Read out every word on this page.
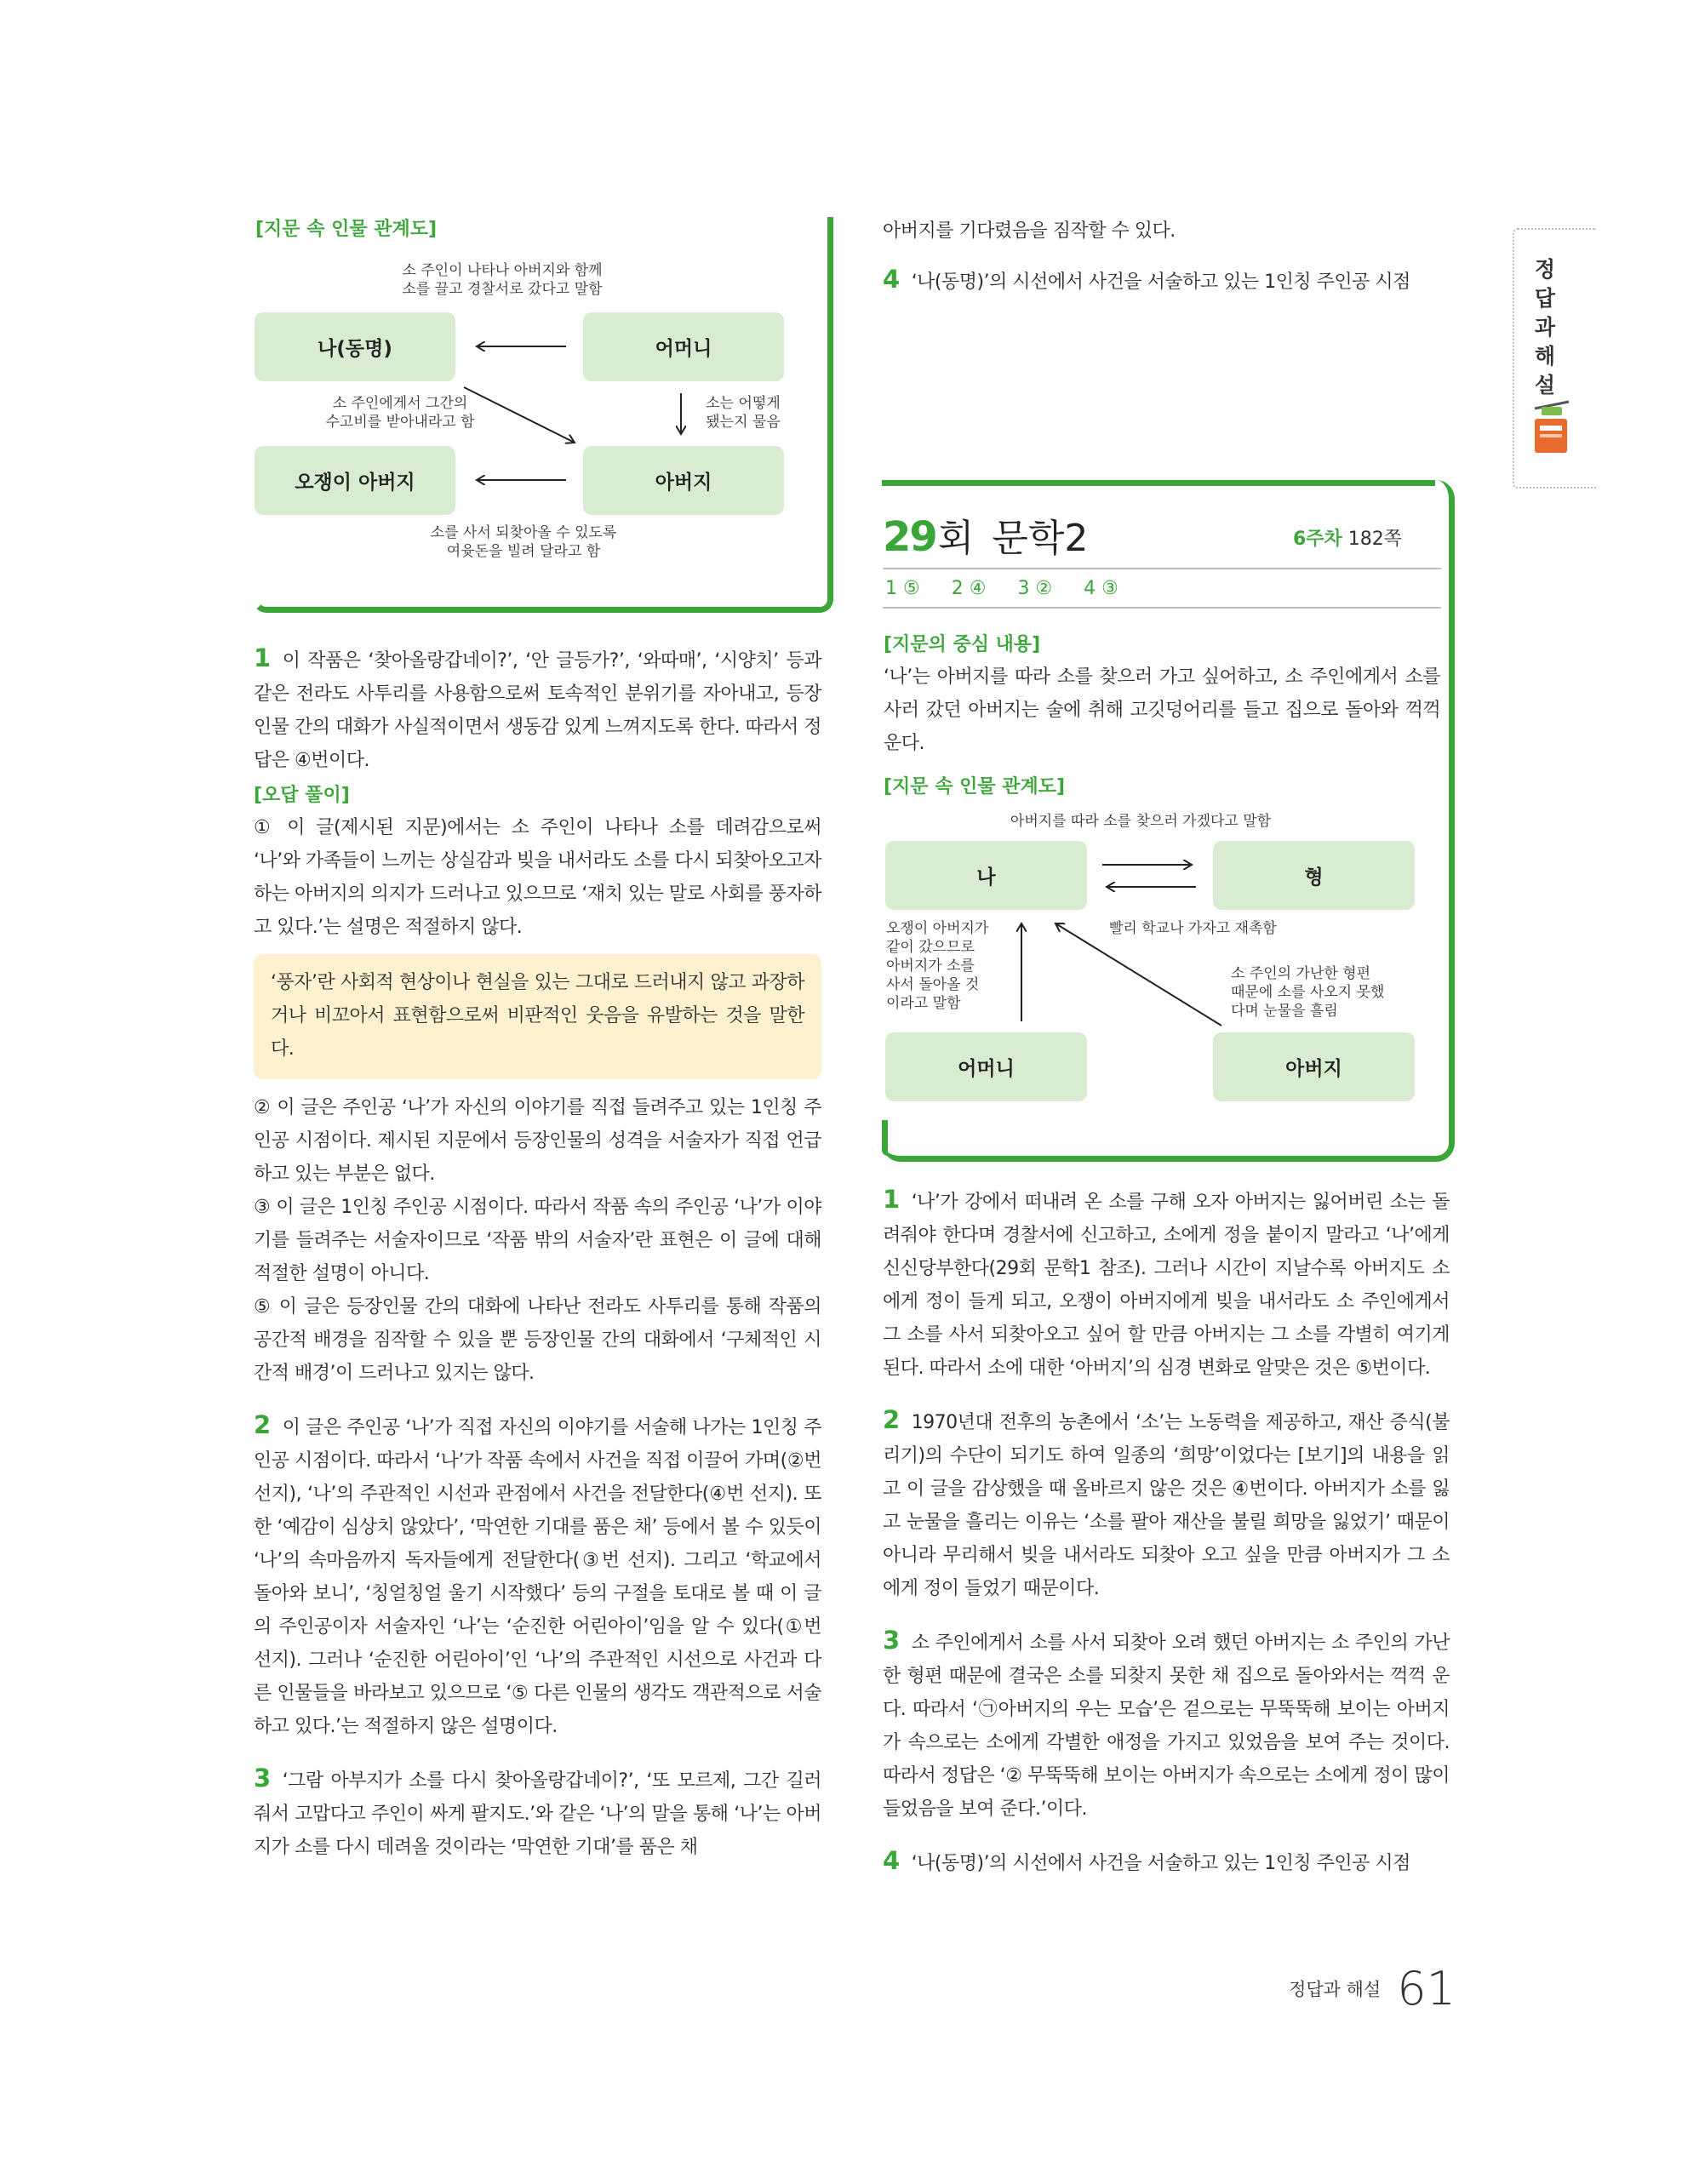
정답과해설

[지문 속 인물 관계도]

소 주인이 나타나 아버지와 함께
소를 끌고 경찰서로 갔다고 말함
나(동명)	어머니
소 주인에게서 그간의
수고비를 받아내라고 함
소는 어떻게
됐는지 물음
오쟁이 아버지	아버지
소를 사서 되찾아올 수 있도록
여윳돈을 빌려 달라고 함

1 이 작품은 ‘찾아올랑갑네이?’, ‘안 글등가?’, ‘와따매’, ‘시양치’ 등과 같은 전라도 사투리를 사용함으로써 토속적인 분위기를 자아내고, 등장인물 간의 대화가 사실적이면서 생동감 있게 느껴지도록 한다. 따라서 정답은 ④번이다.

[오답 풀이]

① 이 글(제시된 지문)에서는 소 주인이 나타나 소를 데려감으로써 ‘나’와 가족들이 느끼는 상실감과 빚을 내서라도 소를 다시 되찾아오고자 하는 아버지의 의지가 드러나고 있으므로 ‘재치 있는 말로 사회를 풍자하고 있다.’는 설명은 적절하지 않다.

‘풍자’란 사회적 현상이나 현실을 있는 그대로 드러내지 않고 과장하거나 비꼬아서 표현함으로써 비판적인 웃음을 유발하는 것을 말한다.

② 이 글은 주인공 ‘나’가 자신의 이야기를 직접 들려주고 있는 1인칭 주인공 시점이다. 제시된 지문에서 등장인물의 성격을 서술자가 직접 언급하고 있는 부분은 없다.

③ 이 글은 1인칭 주인공 시점이다. 따라서 작품 속의 주인공 ‘나’가 이야기를 들려주는 서술자이므로 ‘작품 밖의 서술자’란 표현은 이 글에 대해 적절한 설명이 아니다.

⑤ 이 글은 등장인물 간의 대화에 나타난 전라도 사투리를 통해 작품의 공간적 배경을 짐작할 수 있을 뿐 등장인물 간의 대화에서 ‘구체적인 시간적 배경’이 드러나고 있지는 않다.

2 이 글은 주인공 ‘나’가 직접 자신의 이야기를 서술해 나가는 1인칭 주인공 시점이다. 따라서 ‘나’가 작품 속에서 사건을 직접 이끌어 가며(②번 선지), ‘나’의 주관적인 시선과 관점에서 사건을 전달한다(④번 선지). 또한 ‘예감이 심상치 않았다’, ‘막연한 기대를 품은 채’ 등에서 볼 수 있듯이 ‘나’의 속마음까지 독자들에게 전달한다(③번 선지). 그리고 ‘학교에서 돌아와 보니’, ‘칭얼칭얼 울기 시작했다’ 등의 구절을 토대로 볼 때 이 글의 주인공이자 서술자인 ‘나’는 ‘순진한 어린아이’임을 알 수 있다(①번 선지). 그러나 ‘순진한 어린아이’인 ‘나’의 주관적인 시선으로 사건과 다른 인물들을 바라보고 있으므로 ‘⑤ 다른 인물의 생각도 객관적으로 서술하고 있다.’는 적절하지 않은 설명이다.

3 ‘그람 아부지가 소를 다시 찾아올랑갑네이?’, ‘또 모르제, 그간 길러 줘서 고맙다고 주인이 싸게 팔지도.’와 같은 ‘나’의 말을 통해 ‘나’는 아버지가 소를 다시 데려올 것이라는 ‘막연한 기대’를 품은 채

아버지를 기다렸음을 짐작할 수 있다.

4 ‘나(동명)’의 시선에서 사건을 서술하고 있는 1인칭 주인공 시점

29회 문학2	6주차 182쪽
1 ⑤ 2 ④ 3 ② 4 ③

[지문의 중심 내용]

‘나’는 아버지를 따라 소를 찾으러 가고 싶어하고, 소 주인에게서 소를 사러 갔던 아버지는 술에 취해 고깃덩어리를 들고 집으로 돌아와 꺽꺽 운다.

[지문 속 인물 관계도]

아버지를 따라 소를 찾으러 가겠다고 말함
나	형
빨리 학교나 가자고 재촉함
오쟁이 아버지가
같이 갔으므로
아버지가 소를
사서 돌아올 것
이라고 말함
소 주인의 가난한 형편
때문에 소를 사오지 못했
다며 눈물을 흘림
어머니	아버지

1 ‘나’가 강에서 떠내려 온 소를 구해 오자 아버지는 잃어버린 소는 돌려줘야 한다며 경찰서에 신고하고, 소에게 정을 붙이지 말라고 ‘나’에게 신신당부한다(29회 문학1 참조). 그러나 시간이 지날수록 아버지도 소에게 정이 들게 되고, 오쟁이 아버지에게 빚을 내서라도 소 주인에게서 그 소를 사서 되찾아오고 싶어 할 만큼 아버지는 그 소를 각별히 여기게 된다. 따라서 소에 대한 ‘아버지’의 심경 변화로 알맞은 것은 ⑤번이다.

2 1970년대 전후의 농촌에서 ‘소’는 노동력을 제공하고, 재산 증식(불리기)의 수단이 되기도 하여 일종의 ‘희망’이었다는 [보기]의 내용을 읽고 이 글을 감상했을 때 올바르지 않은 것은 ④번이다. 아버지가 소를 잃고 눈물을 흘리는 이유는 ‘소를 팔아 재산을 불릴 희망을 잃었기’ 때문이 아니라 무리해서 빚을 내서라도 되찾아 오고 싶을 만큼 아버지가 그 소에게 정이 들었기 때문이다.

3 소 주인에게서 소를 사서 되찾아 오려 했던 아버지는 소 주인의 가난한 형편 때문에 결국은 소를 되찾지 못한 채 집으로 돌아와서는 꺽꺽 운다. 따라서 ‘㉠아버지의 우는 모습’은 겉으로는 무뚝뚝해 보이는 아버지가 속으로는 소에게 각별한 애정을 가지고 있었음을 보여 주는 것이다. 따라서 정답은 ‘② 무뚝뚝해 보이는 아버지가 속으로는 소에게 정이 많이 들었음을 보여 준다.’이다.

4 ‘나(동명)’의 시선에서 사건을 서술하고 있는 1인칭 주인공 시점

정답과 해설 61
